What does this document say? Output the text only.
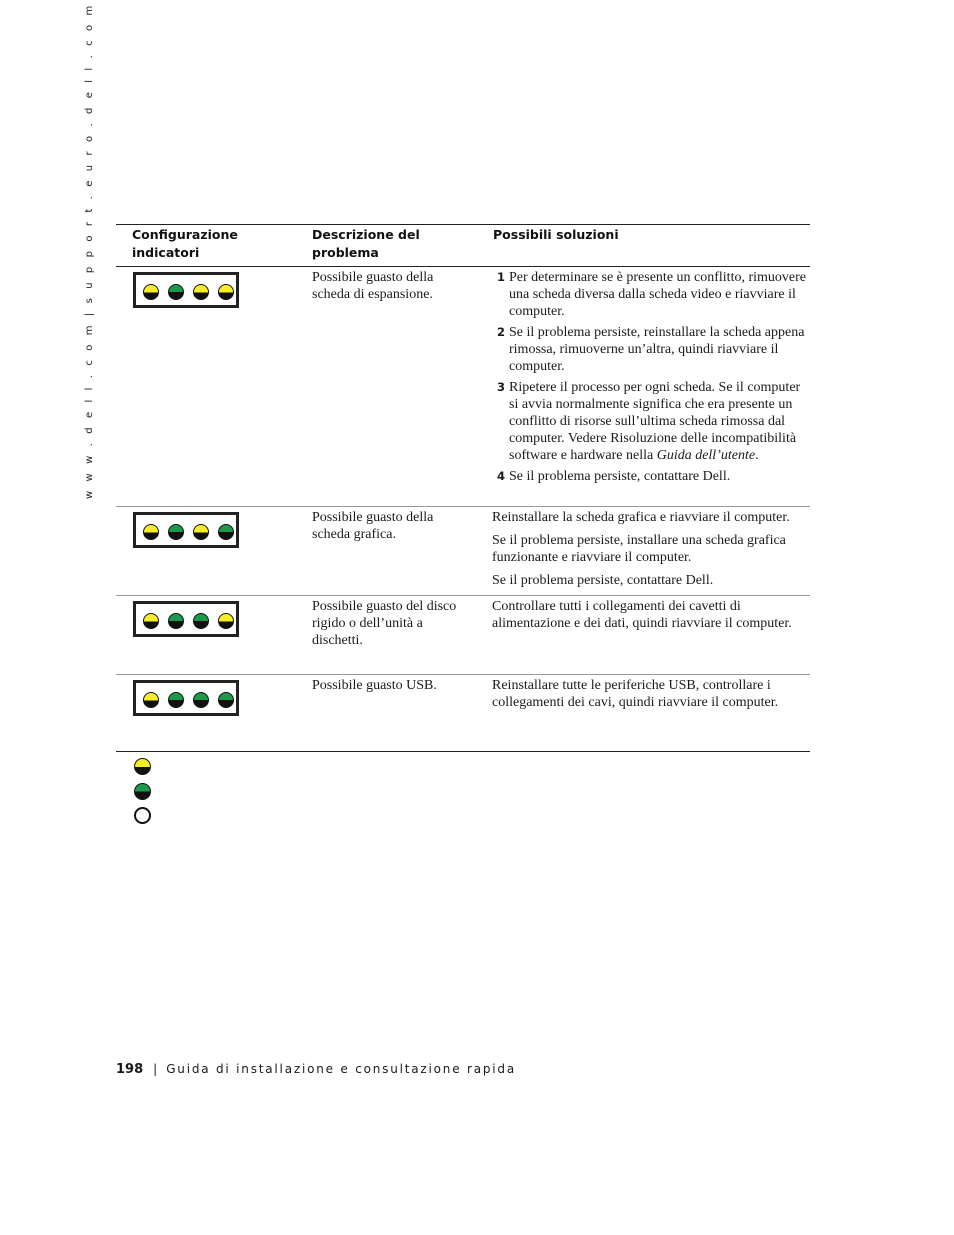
w w w . d e l l . c o m | s u p p o r t . e u r o . d e l l . c o m	Configurazione indicatori
Descrizione del problema
Possibili soluzioni
Possibile guasto della scheda di espansione.
1 Per determinare se è presente un conflitto, rimuovere una scheda diversa dalla scheda video e riavviare il computer.
2 Se il problema persiste, reinstallare la scheda appena rimossa, rimuoverne un’altra, quindi riavviare il computer.
3 Ripetere il processo per ogni scheda. Se il computer si avvia normalmente significa che era presente un conflitto di risorse sull’ultima scheda rimossa dal computer. Vedere Risoluzione delle incompatibilità software e hardware nella Guida dell’utente.
4 Se il problema persiste, contattare Dell.
Possibile guasto della scheda grafica.

Reinstallare la scheda grafica e riavviare il computer.

Se il problema persiste, installare una scheda grafica funzionante e riavviare il computer.

Se il problema persiste, contattare Dell.

Possibile guasto del disco rigido o dell’unità a dischetti.

Controllare tutti i collegamenti dei cavetti di alimentazione e dei dati, quindi riavviare il computer.

Possibile guasto USB.	Reinstallare tutte le periferiche USB, controllare i collegamenti dei cavi, quindi riavviare il computer.

198 | Guida di installazione e consultazione rapida
